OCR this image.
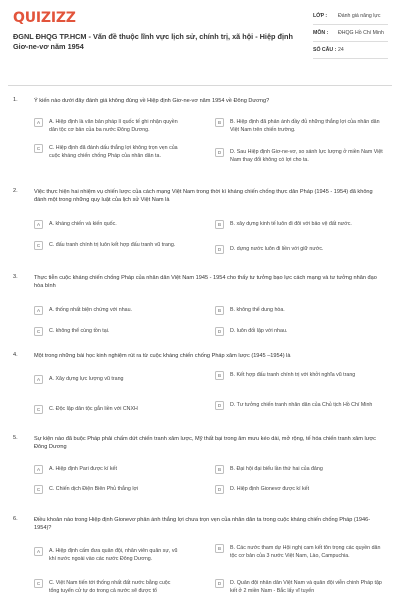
QUIZIZZ
ĐGNL ĐHQG TP.HCM - Vấn đề thuộc lĩnh vực lịch sử, chính trị, xã hội - Hiệp định Giơ-ne-vơ năm 1954
LỚP :	Đánh giá năng lực
MÔN :	ĐHQG Hồ Chí Minh
SỐ CÂU : 24
1.	Ý kiến nào dưới đây đánh giá không đúng về Hiệp định Giơ-ne-vơ năm 1954 về Đông Dương?
A	A. Hiệp định là văn bản pháp lí quốc tế ghi nhận quyền dân tộc cơ bản của ba nước Đông Dương.
B	B. Hiệp định đã phản ánh đầy đủ những thắng lợi của nhân dân Việt Nam trên chiến trường.
C	C. Hiệp định đã đánh dấu thắng lợi không trọn vẹn của cuộc kháng chiến chống Pháp của nhân dân ta.
D	D. Sau Hiệp định Giơ-ne-vơ, so sánh lực lượng ở miền Nam Việt Nam thay đổi không có lợi cho ta.
2.	Việc thực hiện hai nhiệm vụ chiến lược của cách mạng Việt Nam trong thời kì kháng chiến chống thực dân Pháp (1945 - 1954) đã không đánh một trong những quy luật của lịch sử Việt Nam là
A	A. kháng chiến và kiến quốc.	B	B. xây dựng kinh tế luôn đi đôi với bảo vệ đất nước.
C	C. đấu tranh chính trị luôn kết hợp đấu tranh vũ trang.
D	D. dựng nước luôn đi liền với giữ nước.
3.	Thực tiễn cuộc kháng chiến chống Pháp của nhân dân Việt Nam 1945 - 1954 cho thấy tư tưởng bạo lực cách mạng và tư tưởng nhân đạo hòa bình
A	A. thống nhất biện chứng với nhau.	B	B. không thể dung hòa.
C	C. không thể cùng tồn tại.	D	D. luôn đối lập với nhau.
4.	Một trong những bài học kinh nghiệm rút ra từ cuộc kháng chiến chống Pháp xâm lược (1945 –1954) là
A	A. Xây dựng lực lượng vũ trang
B	B. Kết hợp đấu tranh chính trị với khởi nghĩa vũ trang
C	C. Độc lập dân tộc gắn liền với CNXH
D	D. Tư tưởng chiến tranh nhân dân của Chủ tịch Hồ Chí Minh
5.	Sự kiện nào đã buộc Pháp phải chấm dứt chiến tranh xâm lược, Mỹ thất bại trong âm mưu kéo dài, mở rộng, tế hóa chiến tranh xâm lược Đông Dương
A	A. Hiệp định Pari được kí kết	B	B. Đại hội đại biểu lần thứ hai của đảng
C	C. Chiến dịch Điện Biên Phủ thắng lợi	D	D. Hiệp định Gionevơ được kí kết
6.	Điều khoản nào trong Hiệp định Gionevơ phản ánh thắng lợi chưa trọn vẹn của nhân dân ta trong cuộc kháng chiến chống Pháp (1946-1954)?
A	A. Hiệp định cấm đưa quân đội, nhân viên quân sự, vũ khí nước ngoài vào các nước Đông Dương.
B	B. Các nước tham dự Hội nghị cam kết tôn trọng các quyền dân tộc cơ bản của 3 nước Việt Nam, Lào, Campuchia.
C	C. Việt Nam tiến tới thống nhất đất nước bằng cuộc tổng tuyển cử tự do trong cả nước sẽ được tổ
D	D. Quân đội nhân dân Việt Nam và quân đội viễn chinh Pháp tập kết ở 2 miền Nam - Bắc lấy vĩ tuyến
